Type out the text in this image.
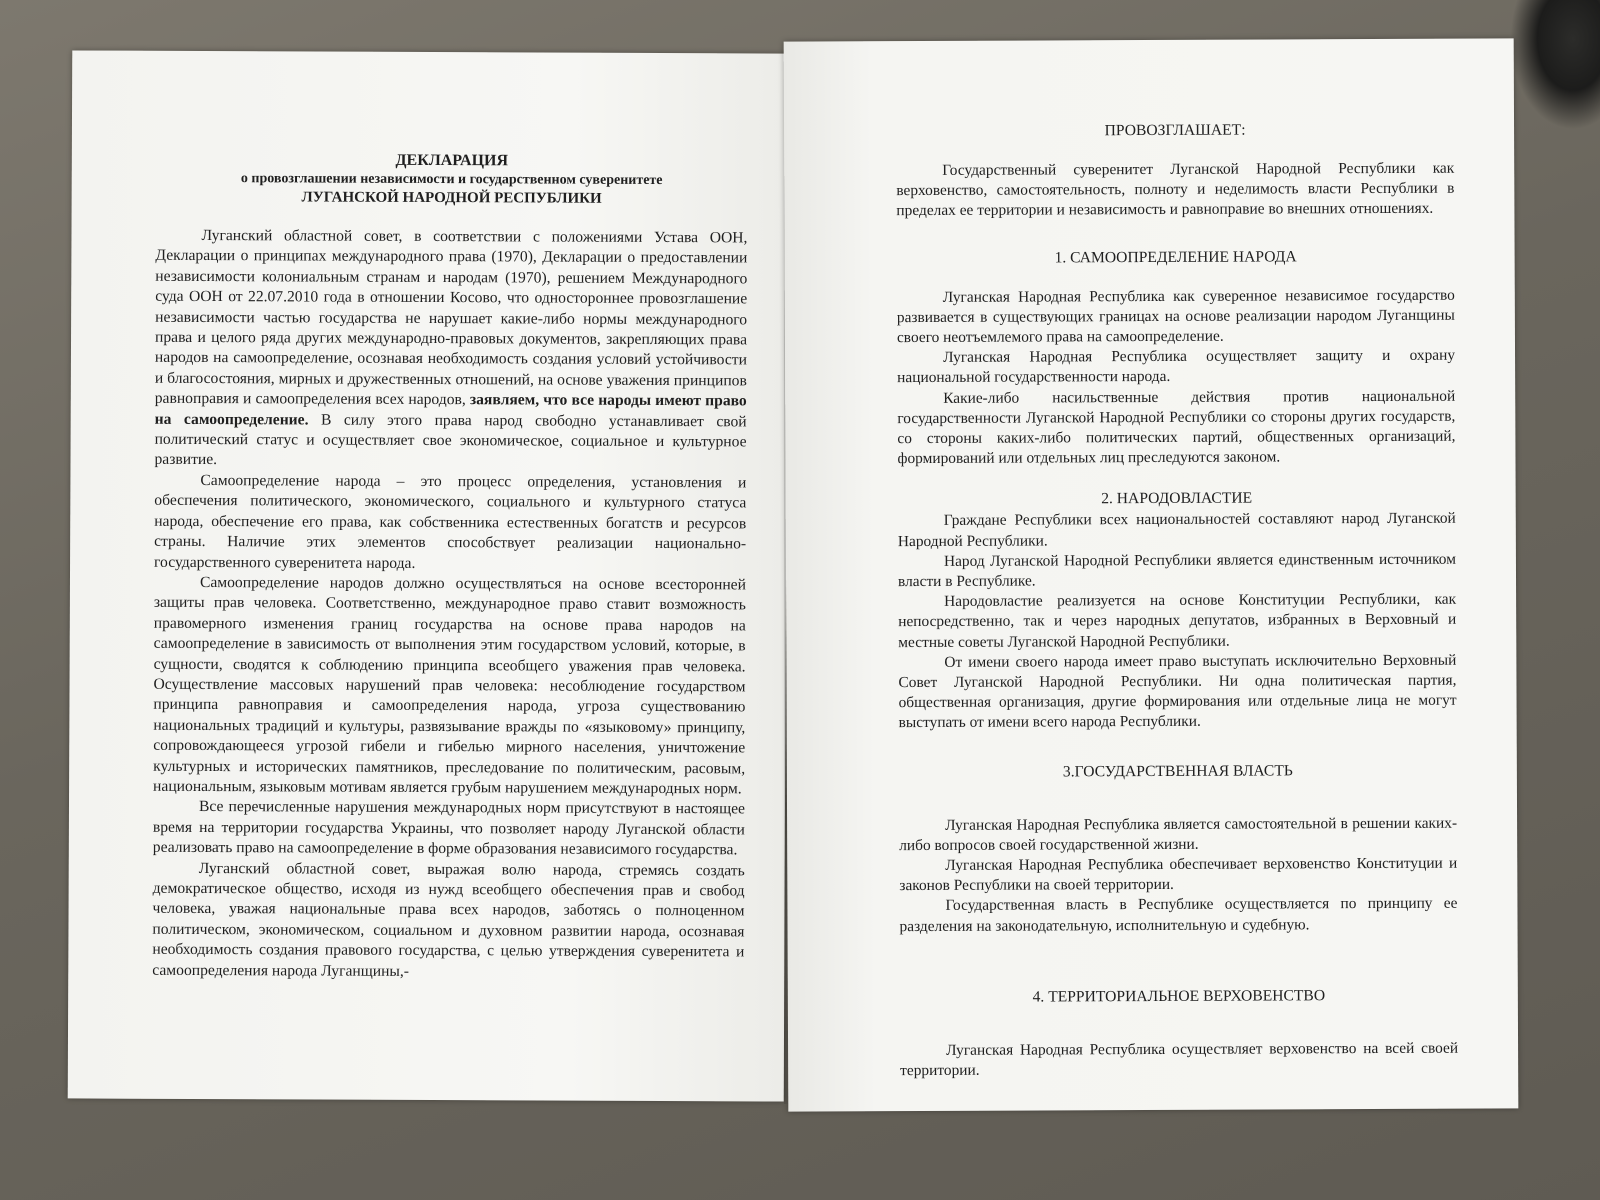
ДЕКЛАРАЦИЯ
о провозглашении независимости и государственном суверенитете
ЛУГАНСКОЙ НАРОДНОЙ РЕСПУБЛИКИ

Луганский областной совет, в соответствии с положениями Устава ООН, Декларации о принципах международного права (1970), Декларации о предоставлении независимости колониальным странам и народам (1970), решением Международного суда ООН от 22.07.2010 года в отношении Косово, что одностороннее провозглашение независимости частью государства не нарушает какие-либо нормы международного права и целого ряда других международно-правовых документов, закрепляющих права народов на самоопределение, осознавая необходимость создания условий устойчивости и благосостояния, мирных и дружественных отношений, на основе уважения принципов равноправия и самоопределения всех народов, заявляем, что все народы имеют право на самоопределение. В силу этого права народ свободно устанавливает свой политический статус и осуществляет свое экономическое, социальное и культурное развитие.

Самоопределение народа – это процесс определения, установления и обеспечения политического, экономического, социального и культурного статуса народа, обеспечение его права, как собственника естественных богатств и ресурсов страны. Наличие этих элементов способствует реализации национально-государственного суверенитета народа.

Самоопределение народов должно осуществляться на основе всесторонней защиты прав человека. Соответственно, международное право ставит возможность правомерного изменения границ государства на основе права народов на самоопределение в зависимость от выполнения этим государством условий, которые, в сущности, сводятся к соблюдению принципа всеобщего уважения прав человека. Осуществление массовых нарушений прав человека: несоблюдение государством принципа равноправия и самоопределения народа, угроза существованию национальных традиций и культуры, развязывание вражды по «языковому» принципу, сопровождающееся угрозой гибели и гибелью мирного населения, уничтожение культурных и исторических памятников, преследование по политическим, расовым, национальным, языковым мотивам является грубым нарушением международных норм.

Все перечисленные нарушения международных норм присутствуют в настоящее время на территории государства Украины, что позволяет народу Луганской области реализовать право на самоопределение в форме образования независимого государства.

Луганский областной совет, выражая волю народа, стремясь создать демократическое общество, исходя из нужд всеобщего обеспечения прав и свобод человека, уважая национальные права всех народов, заботясь о полноценном политическом, экономическом, социальном и духовном развитии народа, осознавая необходимость создания правового государства, с целью утверждения суверенитета и самоопределения народа Луганщины,-

ПРОВОЗГЛАШАЕТ:

Государственный суверенитет Луганской Народной Республики как верховенство, самостоятельность, полноту и неделимость власти Республики в пределах ее территории и независимость и равноправие во внешних отношениях.

1. САМООПРЕДЕЛЕНИЕ НАРОДА

Луганская Народная Республика как суверенное независимое государство развивается в существующих границах на основе реализации народом Луганщины своего неотъемлемого права на самоопределение.

Луганская Народная Республика осуществляет защиту и охрану национальной государственности народа.

Какие-либо насильственные действия против национальной государственности Луганской Народной Республики со стороны других государств, со стороны каких-либо политических партий, общественных организаций, формирований или отдельных лиц преследуются законом.

2. НАРОДОВЛАСТИЕ

Граждане Республики всех национальностей составляют народ Луганской Народной Республики.

Народ Луганской Народной Республики является единственным источником власти в Республике.

Народовластие реализуется на основе Конституции Республики, как непосредственно, так и через народных депутатов, избранных в Верховный и местные советы Луганской Народной Республики.

От имени своего народа имеет право выступать исключительно Верховный Совет Луганской Народной Республики. Ни одна политическая партия, общественная организация, другие формирования или отдельные лица не могут выступать от имени всего народа Республики.

3.ГОСУДАРСТВЕННАЯ ВЛАСТЬ

Луганская Народная Республика является самостоятельной в решении каких-либо вопросов своей государственной жизни.

Луганская Народная Республика обеспечивает верховенство Конституции и законов Республики на своей территории.

Государственная власть в Республике осуществляется по принципу ее разделения на законодательную, исполнительную и судебную.

4. ТЕРРИТОРИАЛЬНОЕ ВЕРХОВЕНСТВО

Луганская Народная Республика осуществляет верховенство на всей своей территории.
